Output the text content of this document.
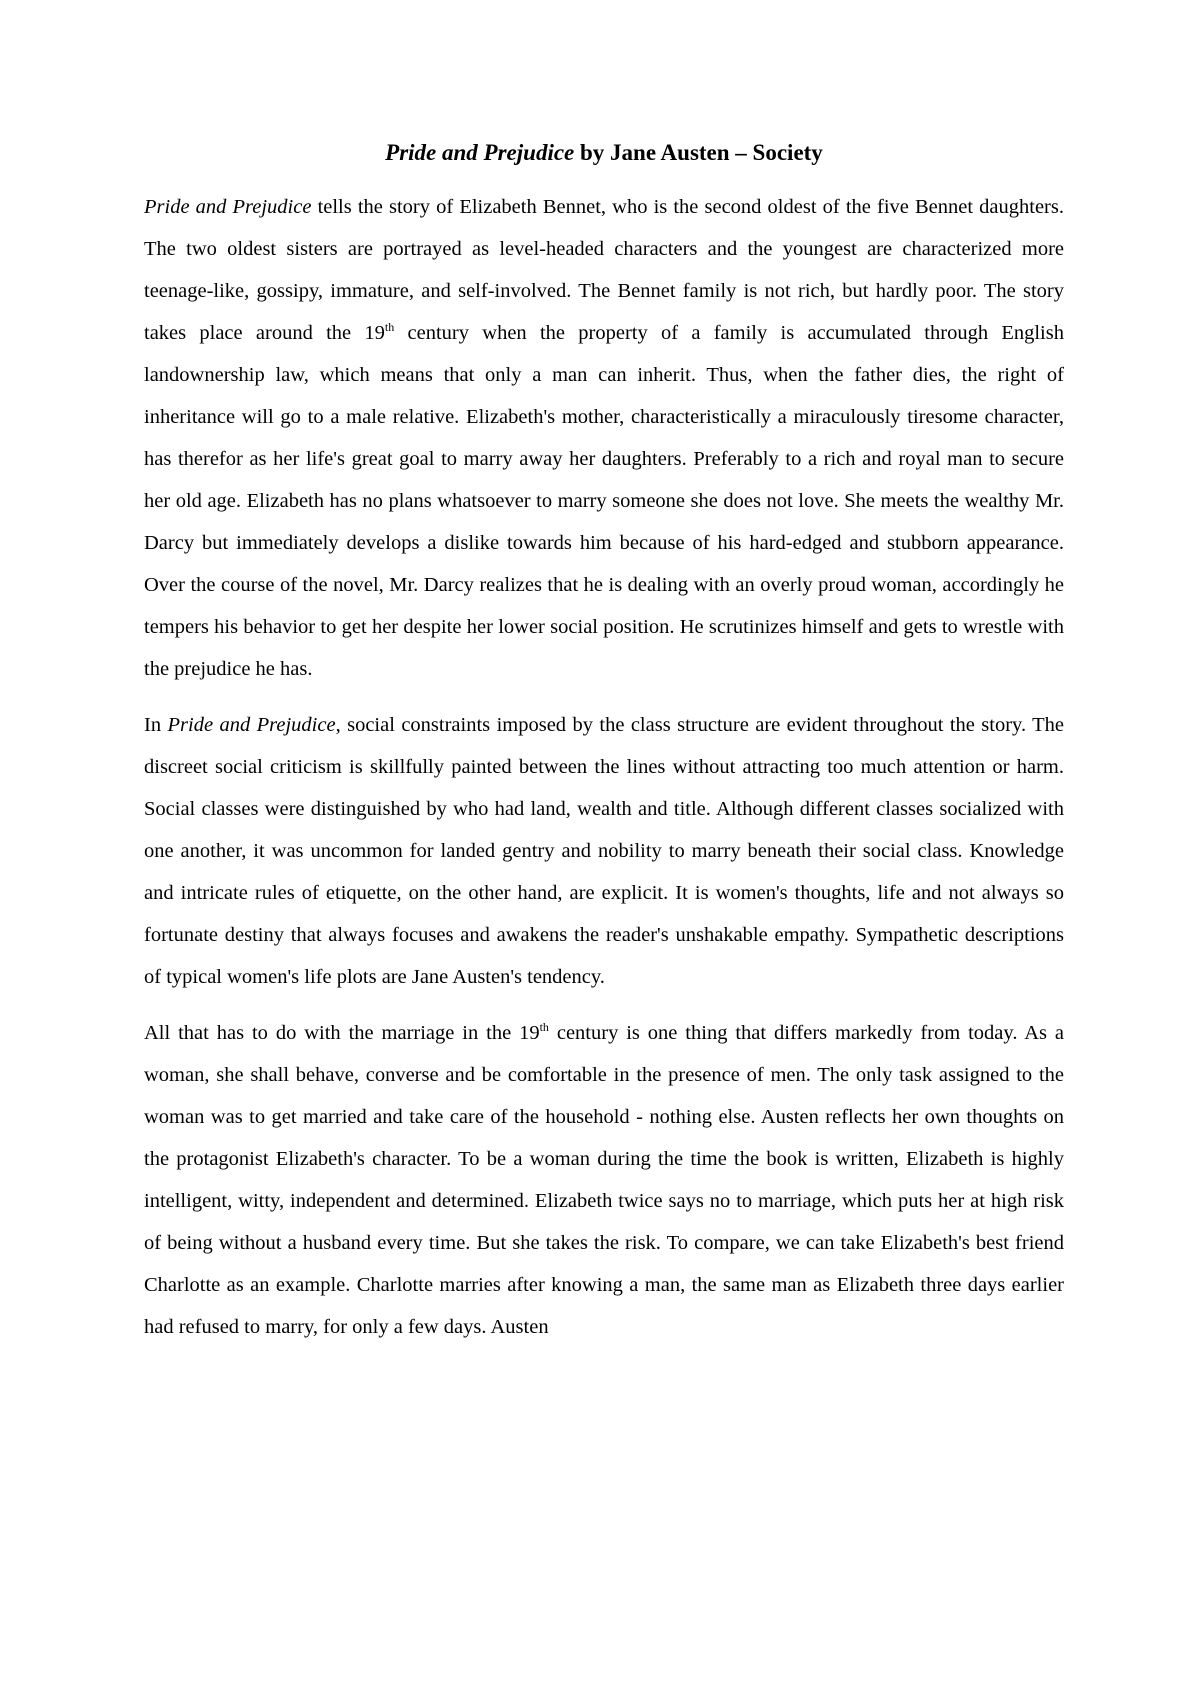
Pride and Prejudice by Jane Austen – Society

Pride and Prejudice tells the story of Elizabeth Bennet, who is the second oldest of the five Bennet daughters. The two oldest sisters are portrayed as level-headed characters and the youngest are characterized more teenage-like, gossipy, immature, and self-involved. The Bennet family is not rich, but hardly poor. The story takes place around the 19th century when the property of a family is accumulated through English landownership law, which means that only a man can inherit. Thus, when the father dies, the right of inheritance will go to a male relative. Elizabeth's mother, characteristically a miraculously tiresome character, has therefor as her life's great goal to marry away her daughters. Preferably to a rich and royal man to secure her old age. Elizabeth has no plans whatsoever to marry someone she does not love. She meets the wealthy Mr. Darcy but immediately develops a dislike towards him because of his hard-edged and stubborn appearance. Over the course of the novel, Mr. Darcy realizes that he is dealing with an overly proud woman, accordingly he tempers his behavior to get her despite her lower social position. He scrutinizes himself and gets to wrestle with the prejudice he has.

In Pride and Prejudice, social constraints imposed by the class structure are evident throughout the story. The discreet social criticism is skillfully painted between the lines without attracting too much attention or harm. Social classes were distinguished by who had land, wealth and title. Although different classes socialized with one another, it was uncommon for landed gentry and nobility to marry beneath their social class. Knowledge and intricate rules of etiquette, on the other hand, are explicit. It is women's thoughts, life and not always so fortunate destiny that always focuses and awakens the reader's unshakable empathy. Sympathetic descriptions of typical women's life plots are Jane Austen's tendency.

All that has to do with the marriage in the 19th century is one thing that differs markedly from today. As a woman, she shall behave, converse and be comfortable in the presence of men. The only task assigned to the woman was to get married and take care of the household - nothing else. Austen reflects her own thoughts on the protagonist Elizabeth's character. To be a woman during the time the book is written, Elizabeth is highly intelligent, witty, independent and determined. Elizabeth twice says no to marriage, which puts her at high risk of being without a husband every time. But she takes the risk. To compare, we can take Elizabeth's best friend Charlotte as an example. Charlotte marries after knowing a man, the same man as Elizabeth three days earlier had refused to marry, for only a few days. Austen
